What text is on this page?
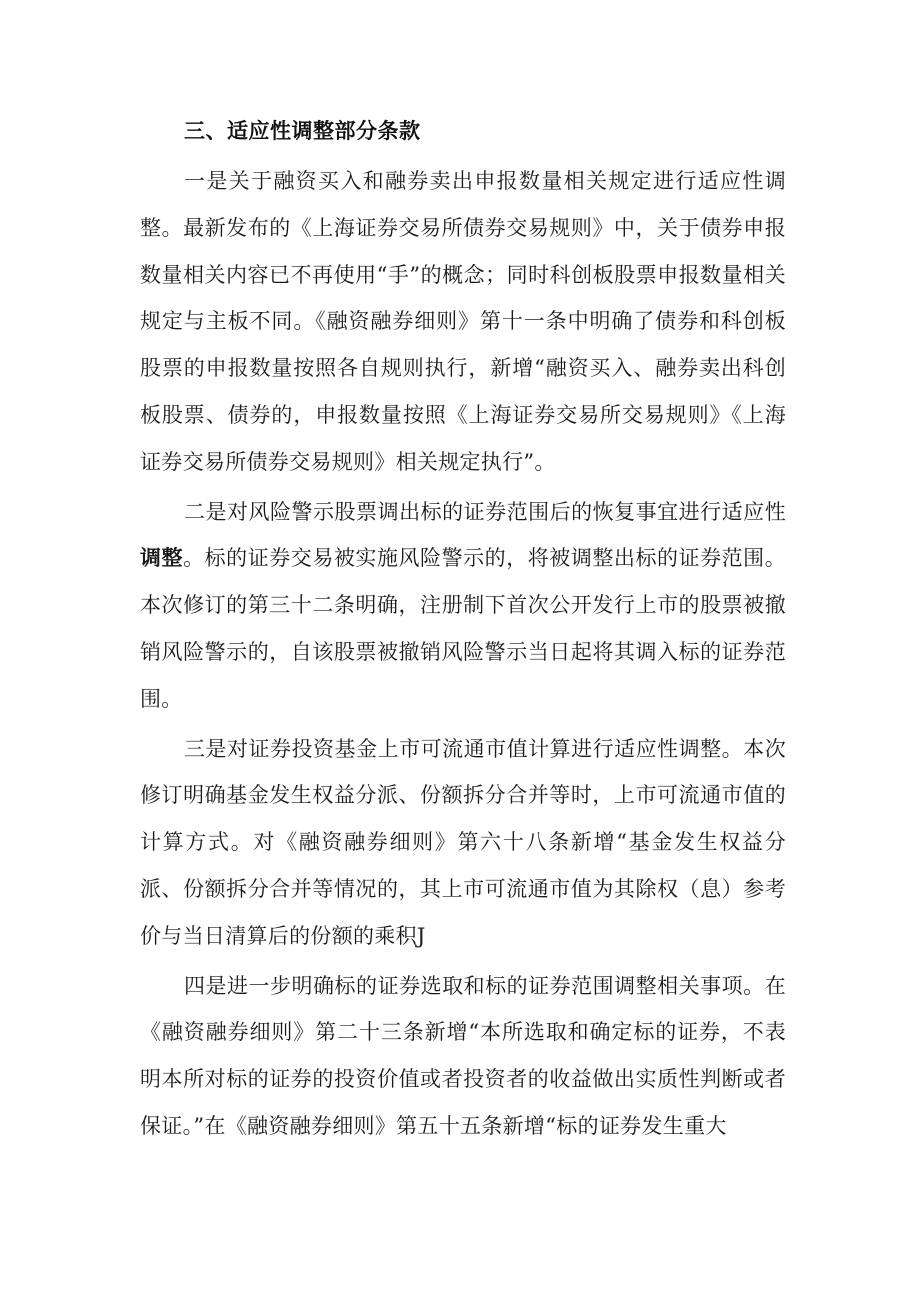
三、适应性调整部分条款

一是关于融资买入和融券卖出申报数量相关规定进行适应性调整。最新发布的《上海证券交易所债券交易规则》中，关于债券申报数量相关内容已不再使用“手”的概念；同时科创板股票申报数量相关规定与主板不同。《融资融券细则》第十一条中明确了债券和科创板股票的申报数量按照各自规则执行，新增“融资买入、融券卖出科创板股票、债券的，申报数量按照《上海证券交易所交易规则》《上海证券交易所债券交易规则》相关规定执行”。

二是对风险警示股票调出标的证券范围后的恢复事宜进行适应性调整。标的证券交易被实施风险警示的，将被调整出标的证券范围。本次修订的第三十二条明确，注册制下首次公开发行上市的股票被撤销风险警示的，自该股票被撤销风险警示当日起将其调入标的证券范围。

三是对证券投资基金上市可流通市值计算进行适应性调整。本次修订明确基金发生权益分派、份额拆分合并等时，上市可流通市值的计算方式。对《融资融券细则》第六十八条新增“基金发生权益分派、份额拆分合并等情况的，其上市可流通市值为其除权（息）参考价与当日清算后的份额的乘积J

四是进一步明确标的证券选取和标的证券范围调整相关事项。在《融资融券细则》第二十三条新增“本所选取和确定标的证券，不表明本所对标的证券的投资价值或者投资者的收益做出实质性判断或者保证。”在《融资融券细则》第五十五条新增“标的证券发生重大
